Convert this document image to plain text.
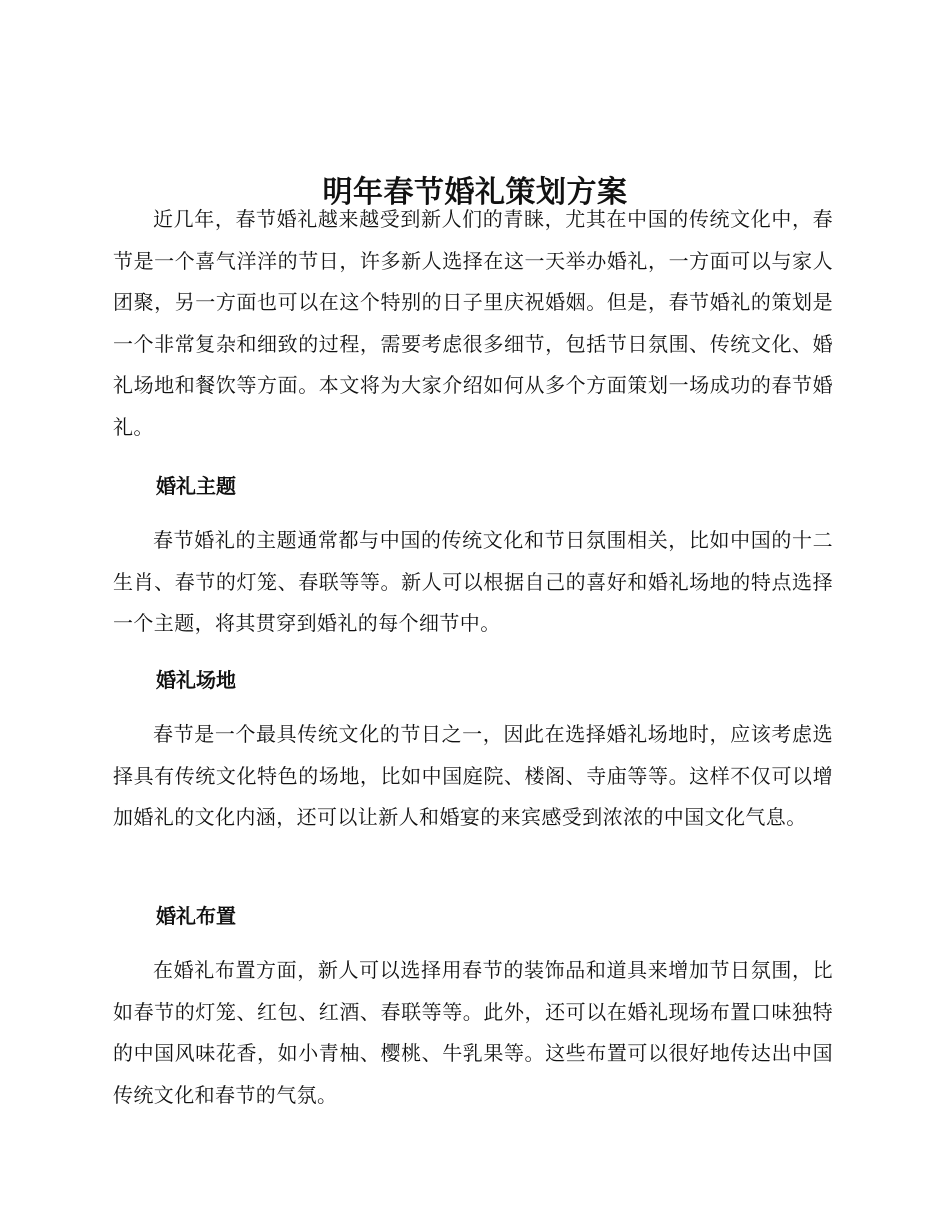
明年春节婚礼策划方案

近几年，春节婚礼越来越受到新人们的青睐，尤其在中国的传统文化中，春节是一个喜气洋洋的节日，许多新人选择在这一天举办婚礼，一方面可以与家人团聚，另一方面也可以在这个特别的日子里庆祝婚姻。但是，春节婚礼的策划是一个非常复杂和细致的过程，需要考虑很多细节，包括节日氛围、传统文化、婚礼场地和餐饮等方面。本文将为大家介绍如何从多个方面策划一场成功的春节婚礼。

婚礼主题

春节婚礼的主题通常都与中国的传统文化和节日氛围相关，比如中国的十二生肖、春节的灯笼、春联等等。新人可以根据自己的喜好和婚礼场地的特点选择一个主题，将其贯穿到婚礼的每个细节中。

婚礼场地

春节是一个最具传统文化的节日之一，因此在选择婚礼场地时，应该考虑选择具有传统文化特色的场地，比如中国庭院、楼阁、寺庙等等。这样不仅可以增加婚礼的文化内涵，还可以让新人和婚宴的来宾感受到浓浓的中国文化气息。

婚礼布置

在婚礼布置方面，新人可以选择用春节的装饰品和道具来增加节日氛围，比如春节的灯笼、红包、红酒、春联等等。此外，还可以在婚礼现场布置口味独特的中国风味花香，如小青柚、樱桃、牛乳果等。这些布置可以很好地传达出中国传统文化和春节的气氛。
